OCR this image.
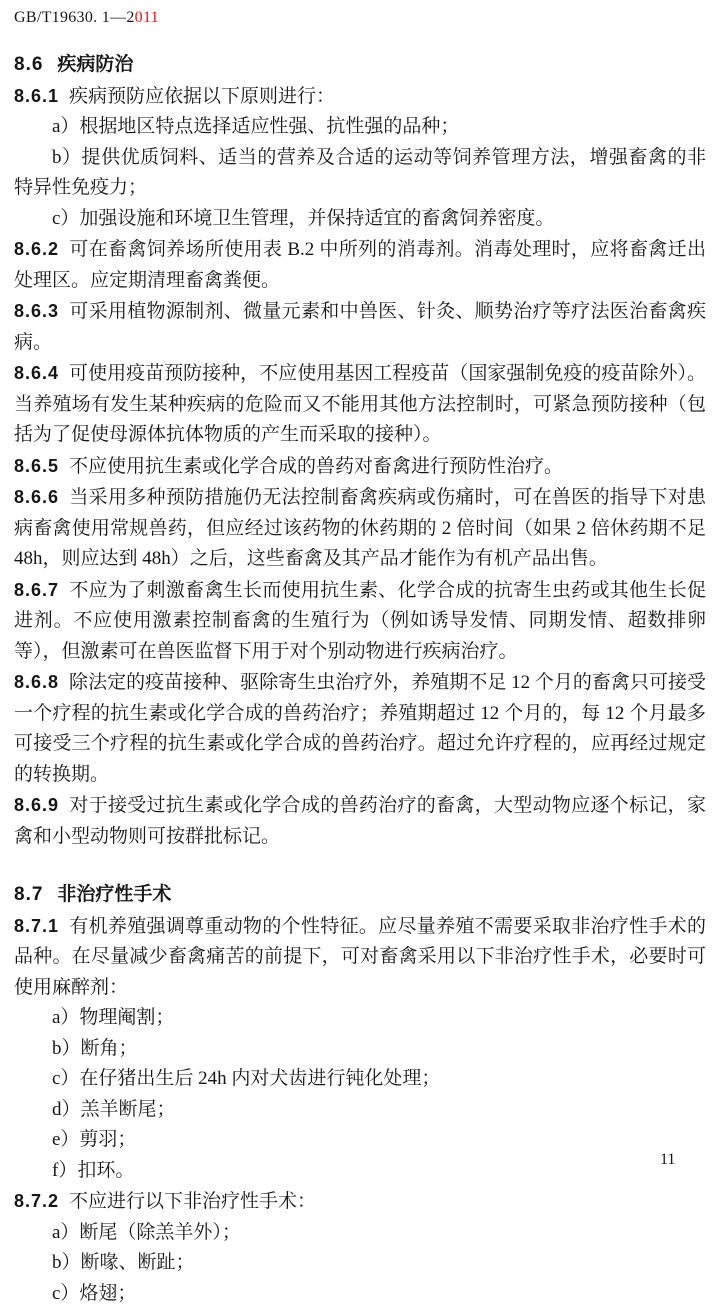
GB/T19630. 1—2011

8.6 疾病防治

8.6.1 疾病预防应依据以下原则进行：

a）根据地区特点选择适应性强、抗性强的品种；

b）提供优质饲料、适当的营养及合适的运动等饲养管理方法，增强畜禽的非特异性免疫力；

c）加强设施和环境卫生管理，并保持适宜的畜禽饲养密度。

8.6.2 可在畜禽饲养场所使用表 B.2 中所列的消毒剂。消毒处理时，应将畜禽迁出处理区。应定期清理畜禽粪便。

8.6.3 可采用植物源制剂、微量元素和中兽医、针灸、顺势治疗等疗法医治畜禽疾病。

8.6.4 可使用疫苗预防接种，不应使用基因工程疫苗（国家强制免疫的疫苗除外）。当养殖场有发生某种疾病的危险而又不能用其他方法控制时，可紧急预防接种（包括为了促使母源体抗体物质的产生而采取的接种）。

8.6.5 不应使用抗生素或化学合成的兽药对畜禽进行预防性治疗。

8.6.6 当采用多种预防措施仍无法控制畜禽疾病或伤痛时，可在兽医的指导下对患病畜禽使用常规兽药，但应经过该药物的休药期的 2 倍时间（如果 2 倍休药期不足 48h，则应达到 48h）之后，这些畜禽及其产品才能作为有机产品出售。

8.6.7 不应为了刺激畜禽生长而使用抗生素、化学合成的抗寄生虫药或其他生长促进剂。不应使用激素控制畜禽的生殖行为（例如诱导发情、同期发情、超数排卵等），但激素可在兽医监督下用于对个别动物进行疾病治疗。

8.6.8 除法定的疫苗接种、驱除寄生虫治疗外，养殖期不足 12 个月的畜禽只可接受一个疗程的抗生素或化学合成的兽药治疗；养殖期超过 12 个月的，每 12 个月最多可接受三个疗程的抗生素或化学合成的兽药治疗。超过允许疗程的，应再经过规定的转换期。

8.6.9 对于接受过抗生素或化学合成的兽药治疗的畜禽，大型动物应逐个标记，家禽和小型动物则可按群批标记。

8.7 非治疗性手术

8.7.1 有机养殖强调尊重动物的个性特征。应尽量养殖不需要采取非治疗性手术的品种。在尽量减少畜禽痛苦的前提下，可对畜禽采用以下非治疗性手术，必要时可使用麻醉剂：

a）物理阉割；

b）断角；

c）在仔猪出生后 24h 内对犬齿进行钝化处理；

d）羔羊断尾；

e）剪羽；

f）扣环。

8.7.2 不应进行以下非治疗性手术：

a）断尾（除羔羊外）；

b）断喙、断趾；

c）烙翅；

11
